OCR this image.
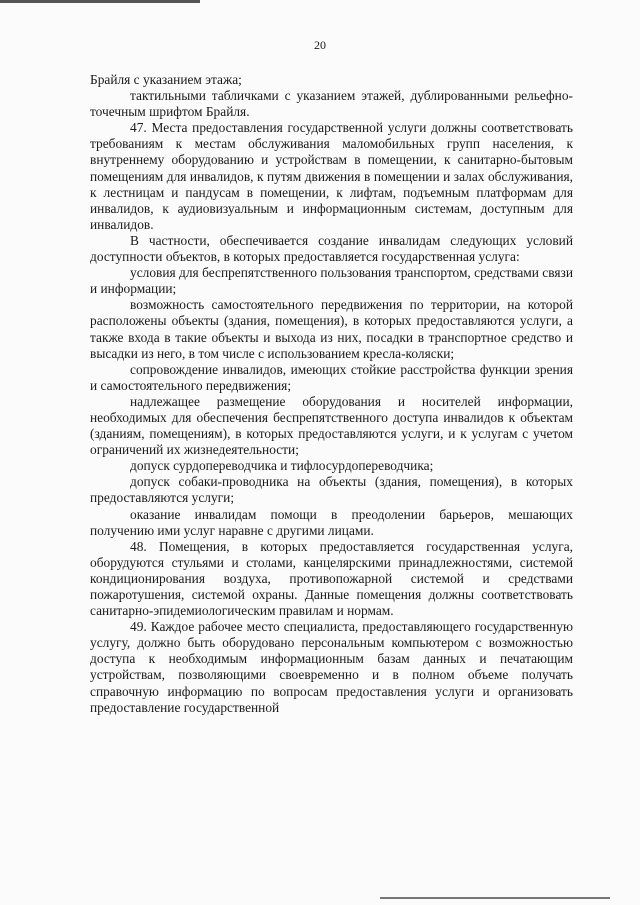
20

Брайля с указанием этажа;

тактильными табличками с указанием этажей, дублированными рельефно-точечным шрифтом Брайля.

47. Места предоставления государственной услуги должны соответствовать требованиям к местам обслуживания маломобильных групп населения, к внутреннему оборудованию и устройствам в помещении, к санитарно-бытовым помещениям для инвалидов, к путям движения в помещении и залах обслуживания, к лестницам и пандусам в помещении, к лифтам, подъемным платформам для инвалидов, к аудиовизуальным и информационным системам, доступным для инвалидов.

В частности, обеспечивается создание инвалидам следующих условий доступности объектов, в которых предоставляется государственная услуга:

условия для беспрепятственного пользования транспортом, средствами связи и информации;

возможность самостоятельного передвижения по территории, на которой расположены объекты (здания, помещения), в которых предоставляются услуги, а также входа в такие объекты и выхода из них, посадки в транспортное средство и высадки из него, в том числе с использованием кресла-коляски;

сопровождение инвалидов, имеющих стойкие расстройства функции зрения и самостоятельного передвижения;

надлежащее размещение оборудования и носителей информации, необходимых для обеспечения беспрепятственного доступа инвалидов к объектам (зданиям, помещениям), в которых предоставляются услуги, и к услугам с учетом ограничений их жизнедеятельности;

допуск сурдопереводчика и тифлосурдопереводчика;

допуск собаки-проводника на объекты (здания, помещения), в которых предоставляются услуги;

оказание инвалидам помощи в преодолении барьеров, мешающих получению ими услуг наравне с другими лицами.

48. Помещения, в которых предоставляется государственная услуга, оборудуются стульями и столами, канцелярскими принадлежностями, системой кондиционирования воздуха, противопожарной системой и средствами пожаротушения, системой охраны. Данные помещения должны соответствовать санитарно-эпидемиологическим правилам и нормам.

49. Каждое рабочее место специалиста, предоставляющего государственную услугу, должно быть оборудовано персональным компьютером с возможностью доступа к необходимым информационным базам данных и печатающим устройствам, позволяющими своевременно и в полном объеме получать справочную информацию по вопросам предоставления услуги и организовать предоставление государственной
